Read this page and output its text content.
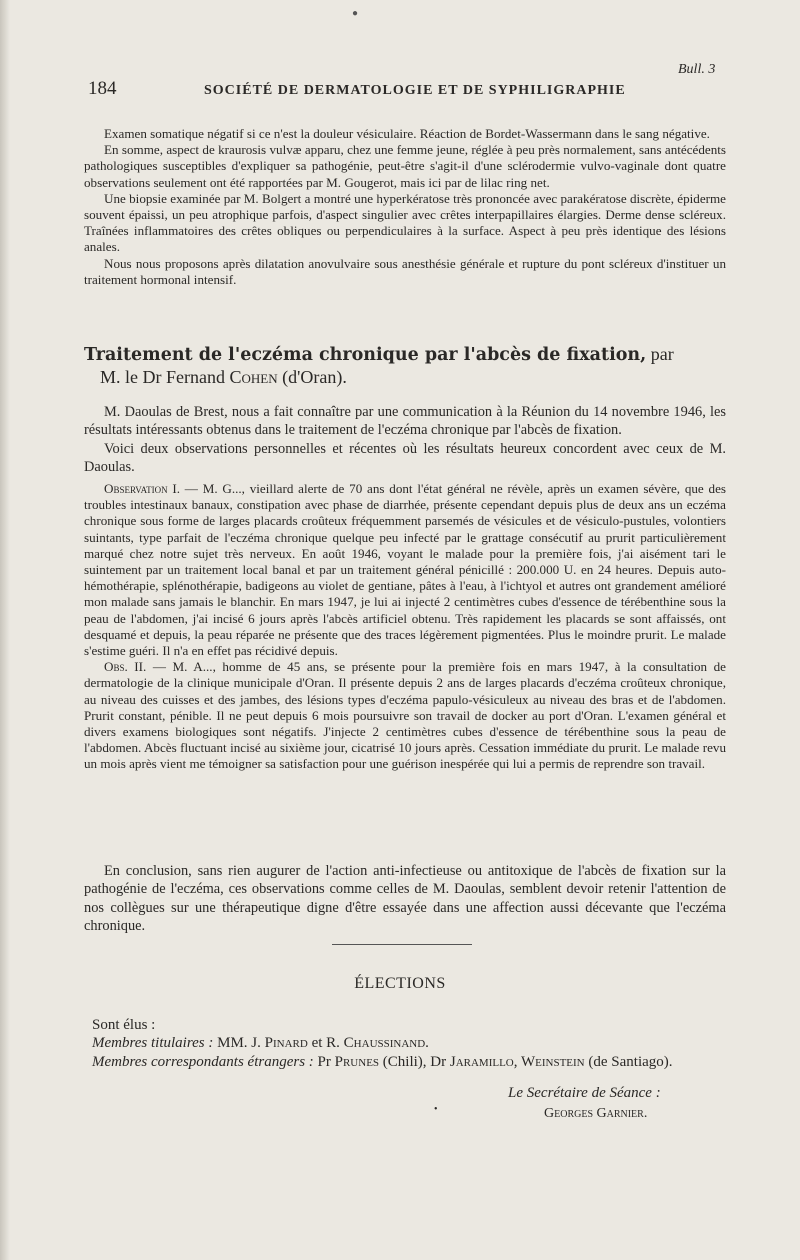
●
184	SOCIÉTÉ DE DERMATOLOGIE ET DE SYPHILIGRAPHIE
Bull. 3

Examen somatique négatif si ce n'est la douleur vésiculaire. Réaction de Bordet-Wassermann dans le sang négative.

En somme, aspect de kraurosis vulvæ apparu, chez une femme jeune, réglée à peu près normalement, sans antécédents pathologiques susceptibles d'expliquer sa pathogénie, peut-être s'agit-il d'une sclérodermie vulvo-vaginale dont quatre observations seulement ont été rapportées par M. Gougerot, mais ici par de lilac ring net.

Une biopsie examinée par M. Bolgert a montré une hyperkératose très prononcée avec parakératose discrète, épiderme souvent épaissi, un peu atrophique parfois, d'aspect singulier avec crêtes interpapillaires élargies. Derme dense scléreux. Traînées inflammatoires des crêtes obliques ou perpendiculaires à la surface. Aspect à peu près identique des lésions anales.

Nous nous proposons après dilatation anovulvaire sous anesthésie générale et rupture du pont scléreux d'instituer un traitement hormonal intensif.

Traitement de l'eczéma chronique par l'abcès de fixation, par
M. le Dr Fernand Cohen (d'Oran).

M. Daoulas de Brest, nous a fait connaître par une communication à la Réunion du 14 novembre 1946, les résultats intéressants obtenus dans le traitement de l'eczéma chronique par l'abcès de fixation.

Voici deux observations personnelles et récentes où les résultats heureux concordent avec ceux de M. Daoulas.

Observation I. — M. G..., vieillard alerte de 70 ans dont l'état général ne révèle, après un examen sévère, que des troubles intestinaux banaux, constipation avec phase de diarrhée, présente cependant depuis plus de deux ans un eczéma chronique sous forme de larges placards croûteux fréquemment parsemés de vésicules et de vésiculo-pustules, volontiers suintants, type parfait de l'eczéma chronique quelque peu infecté par le grattage consécutif au prurit particulièrement marqué chez notre sujet très nerveux. En août 1946, voyant le malade pour la première fois, j'ai aisément tari le suintement par un traitement local banal et par un traitement général pénicillé : 200.000 U. en 24 heures. Depuis auto-hémothérapie, splénothérapie, badigeons au violet de gentiane, pâtes à l'eau, à l'ichtyol et autres ont grandement amélioré mon malade sans jamais le blanchir. En mars 1947, je lui ai injecté 2 centimètres cubes d'essence de térébenthine sous la peau de l'abdomen, j'ai incisé 6 jours après l'abcès artificiel obtenu. Très rapidement les placards se sont affaissés, ont desquamé et depuis, la peau réparée ne présente que des traces légèrement pigmentées. Plus le moindre prurit. Le malade s'estime guéri. Il n'a en effet pas récidivé depuis.

Obs. II. — M. A..., homme de 45 ans, se présente pour la première fois en mars 1947, à la consultation de dermatologie de la clinique municipale d'Oran. Il présente depuis 2 ans de larges placards d'eczéma croûteux chronique, au niveau des cuisses et des jambes, des lésions types d'eczéma papulo-vésiculeux au niveau des bras et de l'abdomen. Prurit constant, pénible. Il ne peut depuis 6 mois poursuivre son travail de docker au port d'Oran. L'examen général et divers examens biologiques sont négatifs. J'injecte 2 centimètres cubes d'essence de térébenthine sous la peau de l'abdomen. Abcès fluctuant incisé au sixième jour, cicatrisé 10 jours après. Cessation immédiate du prurit. Le malade revu un mois après vient me témoigner sa satisfaction pour une guérison inespérée qui lui a permis de reprendre son travail.

En conclusion, sans rien augurer de l'action anti-infectieuse ou antitoxique de l'abcès de fixation sur la pathogénie de l'eczéma, ces observations comme celles de M. Daoulas, semblent devoir retenir l'attention de nos collègues sur une thérapeutique digne d'être essayée dans une affection aussi décevante que l'eczéma chronique.

ÉLECTIONS

Sont élus :

Membres titulaires : MM. J. Pinard et R. Chaussinand.

Membres correspondants étrangers : Pr Prunes (Chili), Dr Jaramillo, Weinstein (de Santiago).

Le Secrétaire de Séance :
•	Georges Garnier.
